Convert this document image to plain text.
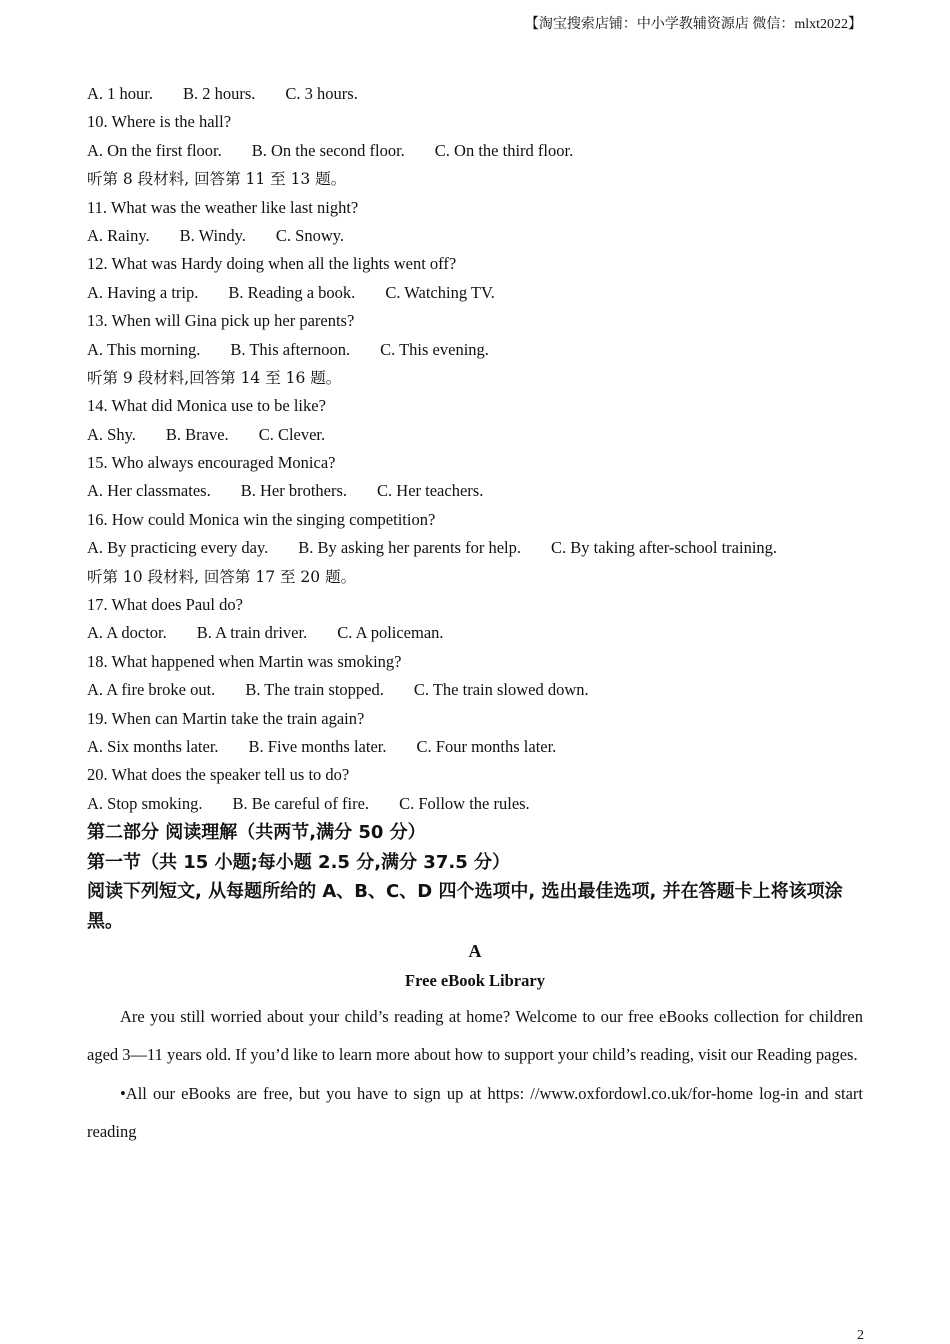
【淘宝搜索店铺：中小学教辅资源店 微信：mlxt2022】
A. 1 hour. B. 2 hours. C. 3 hours.
10. Where is the hall?
A. On the first floor. B. On the second floor. C. On the third floor.
听第 8 段材料, 回答第 11 至 13 题。
11. What was the weather like last night?
A. Rainy. B. Windy. C. Snowy.
12. What was Hardy doing when all the lights went off?
A. Having a trip. B. Reading a book. C. Watching TV.
13. When will Gina pick up her parents?
A. This morning. B. This afternoon. C. This evening.
听第 9 段材料,回答第 14 至 16 题。
14. What did Monica use to be like?
A. Shy. B. Brave. C. Clever.
15. Who always encouraged Monica?
A. Her classmates. B. Her brothers. C. Her teachers.
16. How could Monica win the singing competition?
A. By practicing every day. B. By asking her parents for help. C. By taking after-school training.
听第 10 段材料, 回答第 17 至 20 题。
17. What does Paul do?
A. A doctor. B. A train driver. C. A policeman.
18. What happened when Martin was smoking?
A. A fire broke out. B. The train stopped. C. The train slowed down.
19. When can Martin take the train again?
A. Six months later. B. Five months later. C. Four months later.
20. What does the speaker tell us to do?
A. Stop smoking. B. Be careful of fire. C. Follow the rules.
第二部分 阅读理解（共两节,满分 50 分）
第一节（共 15 小题;每小题 2.5 分,满分 37.5 分）
阅读下列短文, 从每题所给的 A、B、C、D 四个选项中, 选出最佳选项, 并在答题卡上将该项涂黑。
A
Free eBook Library
Are you still worried about your child’s reading at home? Welcome to our free eBooks collection for children aged 3—11 years old. If you’d like to learn more about how to support your child’s reading, visit our Reading pages.
•All our eBooks are free, but you have to sign up at https: //www.oxfordowl.co.uk/for-home log-in and start reading
2
